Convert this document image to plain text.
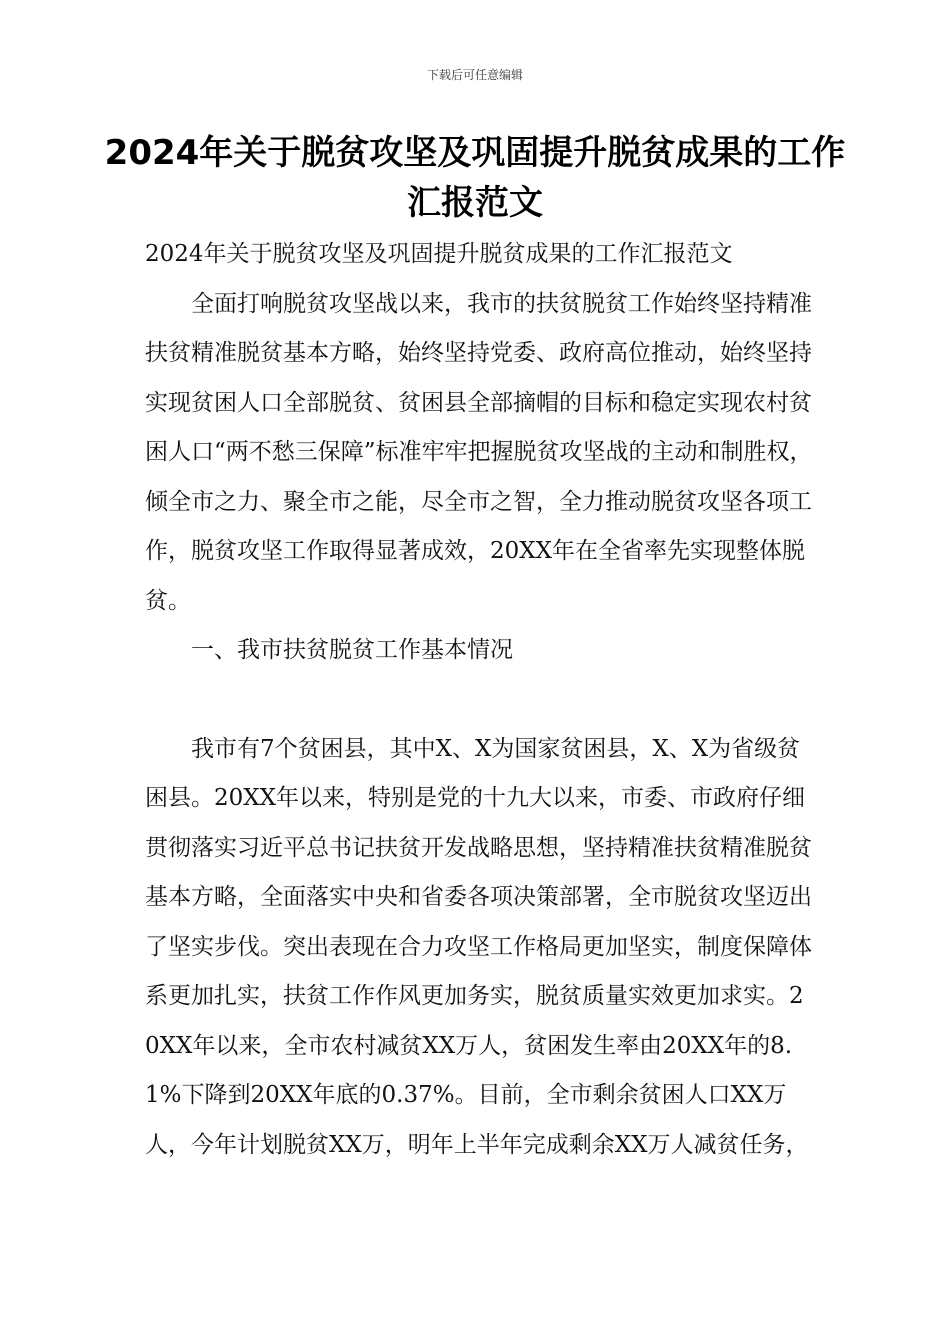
下载后可任意编辑
2024年关于脱贫攻坚及巩固提升脱贫成果的工作汇报范文

2024年关于脱贫攻坚及巩固提升脱贫成果的工作汇报范文

全面打响脱贫攻坚战以来，我市的扶贫脱贫工作始终坚持精准扶贫精准脱贫基本方略，始终坚持党委、政府高位推动，始终坚持实现贫困人口全部脱贫、贫困县全部摘帽的目标和稳定实现农村贫困人口“两不愁三保障”标准牢牢把握脱贫攻坚战的主动和制胜权，倾全市之力、聚全市之能，尽全市之智，全力推动脱贫攻坚各项工作，脱贫攻坚工作取得显著成效，20XX年在全省率先实现整体脱贫。

一、我市扶贫脱贫工作基本情况

我市有7个贫困县，其中X、X为国家贫困县，X、X为省级贫困县。20XX年以来，特别是党的十九大以来，市委、市政府仔细贯彻落实习近平总书记扶贫开发战略思想，坚持精准扶贫精准脱贫基本方略，全面落实中央和省委各项决策部署，全市脱贫攻坚迈出了坚实步伐。突出表现在合力攻坚工作格局更加坚实，制度保障体系更加扎实，扶贫工作作风更加务实，脱贫质量实效更加求实。20XX年以来，全市农村减贫XX万人，贫困发生率由20XX年的8.1%下降到20XX年底的0.37%。目前，全市剩余贫困人口XX万人，今年计划脱贫XX万，明年上半年完成剩余XX万人减贫任务，
